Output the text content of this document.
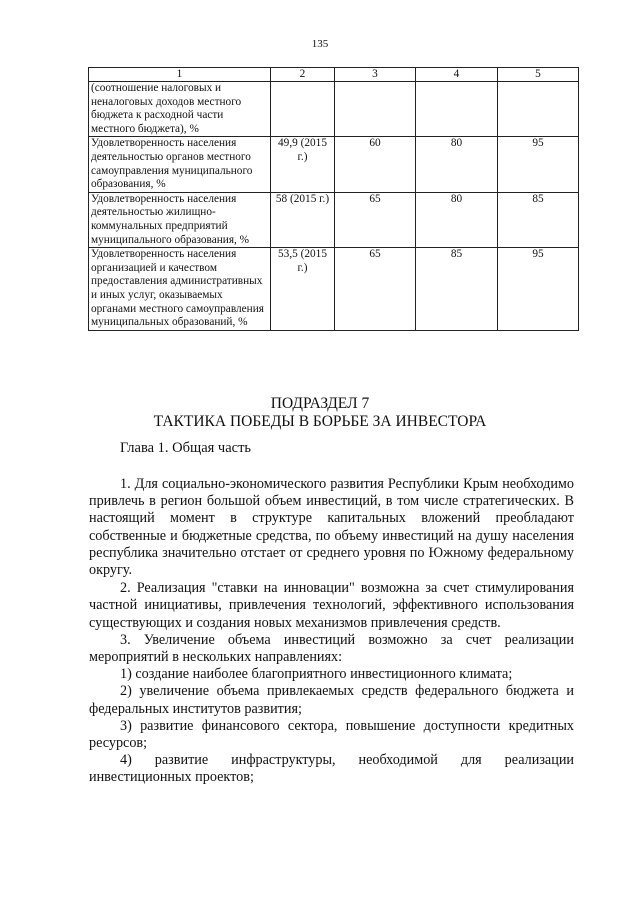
135
1	2	3	4	5
(соотношение налоговых и неналоговых доходов местного бюджета к расходной части местного бюджета), %				
Удовлетворенность населения деятельностью органов местного самоуправления муниципального образования, %	49,9 (2015 г.)	60	80	95
Удовлетворенность населения деятельностью жилищно-коммунальных предприятий муниципального образования, %	58 (2015 г.)	65	80	85
Удовлетворенность населения организацией и качеством предоставления административных и иных услуг, оказываемых органами местного самоуправления муниципальных образований, %	53,5 (2015 г.)	65	85	95
ПОДРАЗДЕЛ 7
ТАКТИКА ПОБЕДЫ В БОРЬБЕ ЗА ИНВЕСТОРА
Глава 1. Общая часть

1. Для социально-экономического развития Республики Крым необходимо привлечь в регион большой объем инвестиций, в том числе стратегических. В настоящий момент в структуре капитальных вложений преобладают собственные и бюджетные средства, по объему инвестиций на душу населения республика значительно отстает от среднего уровня по Южному федеральному округу.

2. Реализация "ставки на инновации" возможна за счет стимулирования частной инициативы, привлечения технологий, эффективного использования существующих и создания новых механизмов привлечения средств.

3. Увеличение объема инвестиций возможно за счет реализации мероприятий в нескольких направлениях:

1) создание наиболее благоприятного инвестиционного климата;

2) увеличение объема привлекаемых средств федерального бюджета и федеральных институтов развития;

3) развитие финансового сектора, повышение доступности кредитных ресурсов;

4) развитие инфраструктуры, необходимой для реализации инвестиционных проектов;
